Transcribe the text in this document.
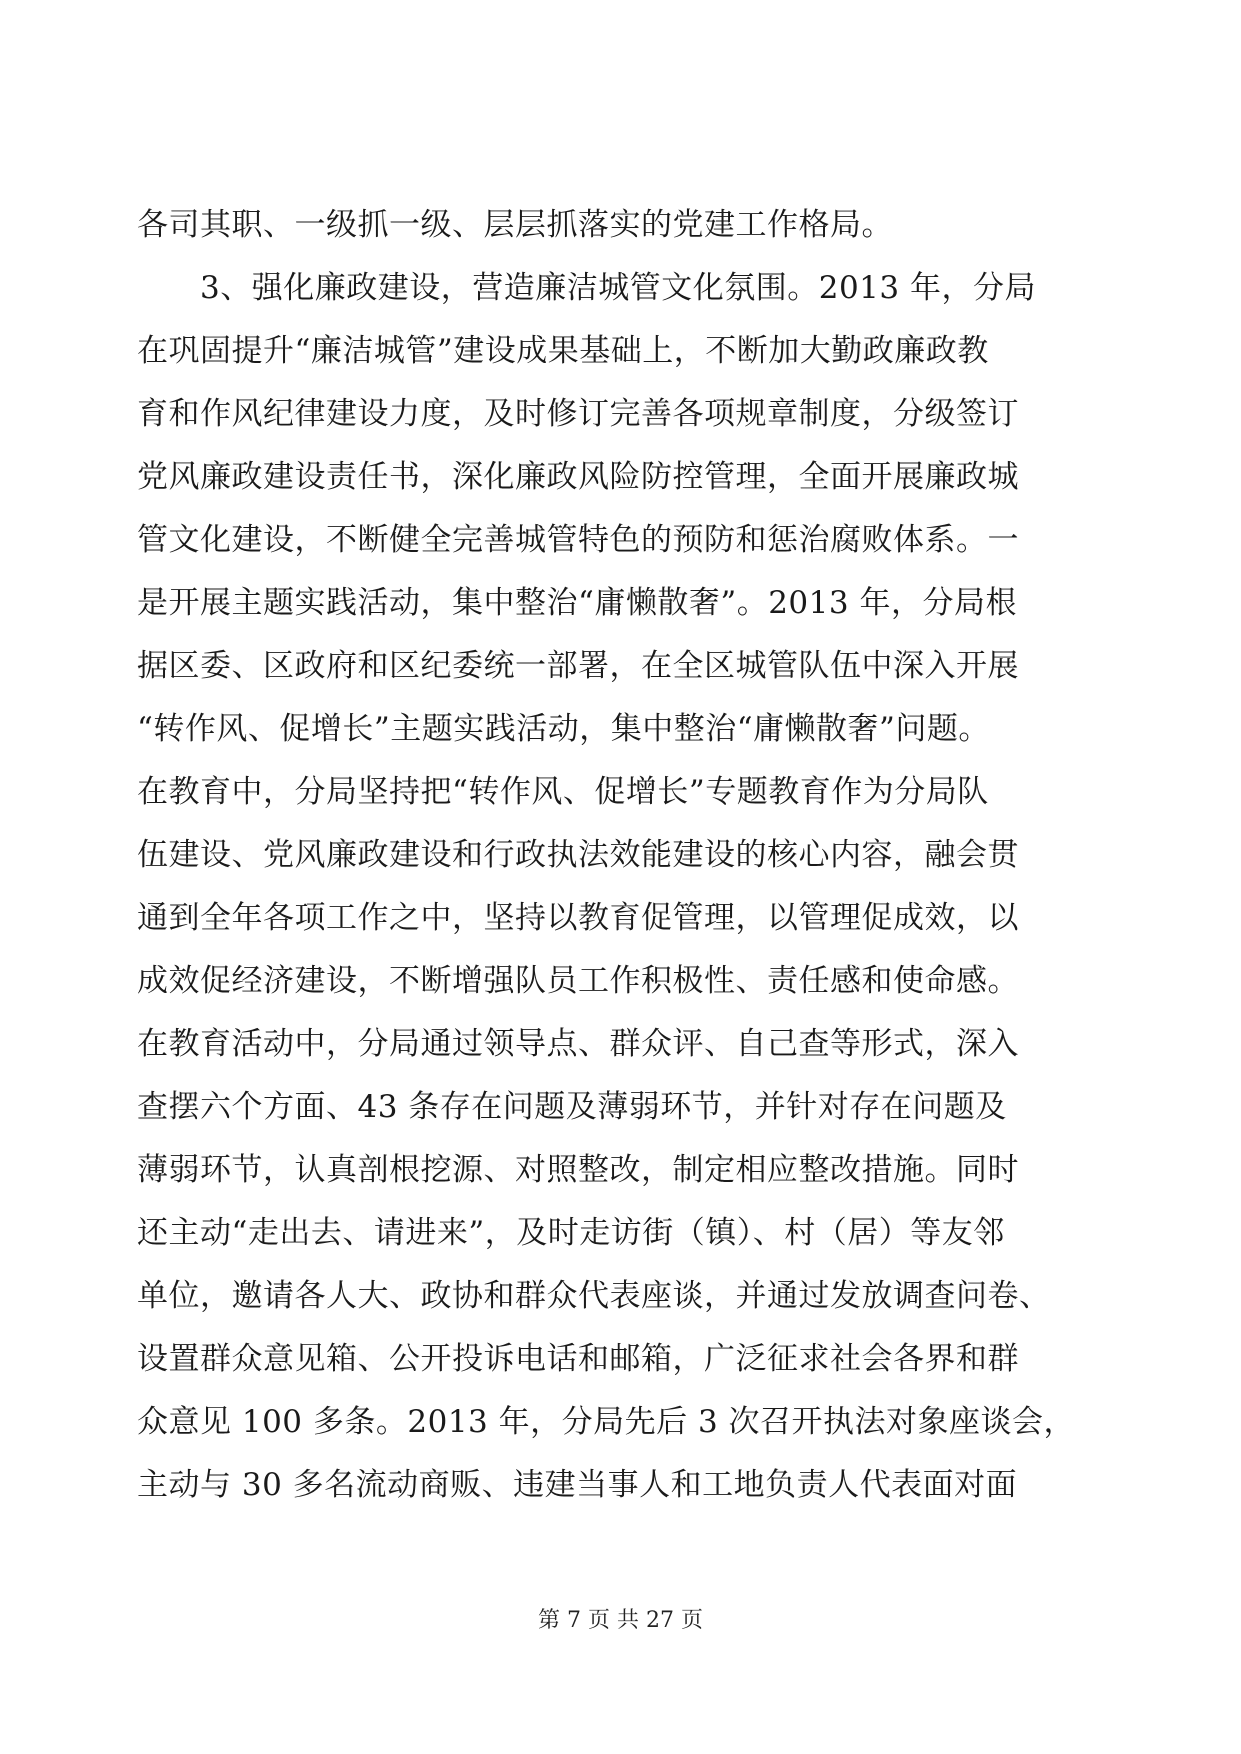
各司其职、一级抓一级、层层抓落实的党建工作格局。
　　3、强化廉政建设，营造廉洁城管文化氛围。2013 年，分局
在巩固提升“廉洁城管”建设成果基础上，不断加大勤政廉政教
育和作风纪律建设力度，及时修订完善各项规章制度，分级签订
党风廉政建设责任书，深化廉政风险防控管理，全面开展廉政城
管文化建设，不断健全完善城管特色的预防和惩治腐败体系。一
是开展主题实践活动，集中整治“庸懒散奢”。2013 年，分局根
据区委、区政府和区纪委统一部署，在全区城管队伍中深入开展
“转作风、促增长”主题实践活动，集中整治“庸懒散奢”问题。
在教育中，分局坚持把“转作风、促增长”专题教育作为分局队
伍建设、党风廉政建设和行政执法效能建设的核心内容，融会贯
通到全年各项工作之中，坚持以教育促管理，以管理促成效，以
成效促经济建设，不断增强队员工作积极性、责任感和使命感。
在教育活动中，分局通过领导点、群众评、自己查等形式，深入
查摆六个方面、43 条存在问题及薄弱环节，并针对存在问题及
薄弱环节，认真剖根挖源、对照整改，制定相应整改措施。同时
还主动“走出去、请进来”，及时走访街（镇）、村（居）等友邻
单位，邀请各人大、政协和群众代表座谈，并通过发放调查问卷、
设置群众意见箱、公开投诉电话和邮箱，广泛征求社会各界和群
众意见 100 多条。2013 年，分局先后 3 次召开执法对象座谈会，
主动与 30 多名流动商贩、违建当事人和工地负责人代表面对面
第 7 页 共 27 页
